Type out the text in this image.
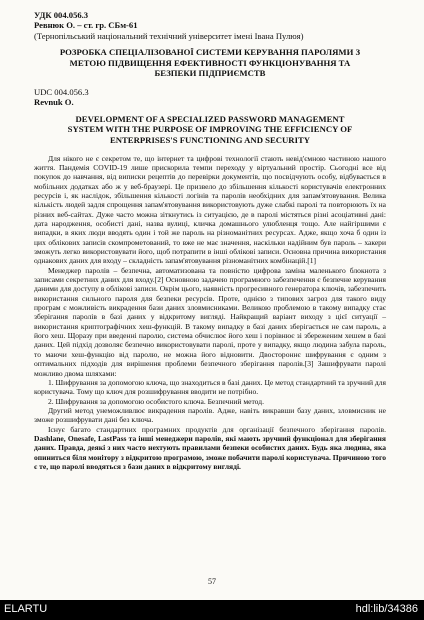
УДК 004.056.3
Ревнюк О. – ст. гр. СБм-61
(Тернопільський національний технічний університет імені Івана Пулюя)
РОЗРОБКА СПЕЦІАЛІЗОВАНОЇ СИСТЕМИ КЕРУВАННЯ ПАРОЛЯМИ З
МЕТОЮ ПІДВИЩЕННЯ ЕФЕКТИВНОСТІ ФУНКЦІОНУВАННЯ ТА
БЕЗПЕКИ ПІДПРИЄМСТВ
UDC 004.056.3
Revnuk O.
DEVELOPMENT OF A SPECIALIZED PASSWORD MANAGEMENT
SYSTEM WITH THE PURPOSE OF IMPROVING THE EFFICIENCY OF
ENTERPRISES'S FUNCTIONING AND SECURITY

Для нікого не є секретом те, що інтернет та цифрові технології стають невід'ємною частиною нашого життя. Пандемія COVID-19 лише прискорила темпи переходу у віртуальний простір. Сьогодні все від покупок до навчання, від виписки рецептів до перевірки документів, що посвідчують особу, відбувається в мобільних додатках або ж у веб-браузері. Це призвело до збільшення кількості користувачів електронних ресурсів і, як наслідок, збільшення кількості логінів та паролів необхідних для запам'ятовування. Велика кількість людей задля спрощення запам'ятовування використовують дуже слабкі паролі та повторюють їх на різних веб-сайтах. Дуже часто можна зіткнутись із ситуацією, де в паролі містяться різні асоціативні дані: дата народження, особисті дані, назва вулиці, кличка домашнього улюбленця тощо. Але найгіршими є випадки, в яких люди вводять один і той же пароль на різноманітних ресурсах. Адже, якщо хоча б один із цих облікових записів скомпрометований, то вже не має значення, наскільки надійним був пароль – хакери зможуть легко використовувати його, щоб потрапити в інші облікові записи. Основна причина використання однакових даних для входу – складність запам'ятовування різноманітних комбінацій.[1]

Менеджер паролів – безпечна, автоматизована та повністю цифрова заміна маленького блокнота з записами секретних даних для входу.[2] Основною задачею програмного забезпечення є безпечне керування даними для доступу в облікові записи. Окрім цього, наявність прогресивного генератора ключів, забезпечить використання сильного пароля для безпеки ресурсів. Проте, однією з типових загроз для такого виду програм є можливість викрадення бази даних зловмисниками. Великою проблемою в такому випадку стає зберігання паролів в базі даних у відкритому вигляді. Найкращий варіант виходу з цієї ситуації – використання криптографічних хеш-функцій. В такому випадку в базі даних зберігається не сам пароль, а його хеш. Щоразу при введенні паролю, система обчислює його хеш і порівнює зі збереженим хешем в базі даних. Цей підхід дозволяє безпечно використовувати паролі, проте у випадку, якщо людина забула пароль, то маючи хеш-функцію від паролю, не можна його відновити. Двостороннє шифрування є одним з оптимальних підходів для вирішення проблеми безпечного зберігання паролів.[3] Зашифрувати паролі можливо двома шляхами:

1. Шифрування за допомогою ключа, що знаходиться в базі даних. Це метод стандартний та зручний для користувача. Тому що ключ для розшифрування вводити не потрібно.

2. Шифрування за допомогою особистого ключа. Безпечний метод.

Другий метод унеможливлює викрадення паролів. Адже, навіть викравши базу даних, зловмисник не зможе розшифрувати дані без ключа.

Існує багато стандартних програмних продуктів для організації безпечного зберігання паролів. Dashlane, Onesafe, LastPass та інші менеджери паролів, які мають зручний функціонал для зберігання даних. Правда, деякі з них часто нехтують правилами безпеки особистих даних. Будь яка людина, яка опиниться біля монітору з відкритою програмою, зможе побачити паролі користувача. Причиною того є те, що паролі вводяться з бази даних в відкритому вигляді.

57
ELARTU	hdl:lib/34386
